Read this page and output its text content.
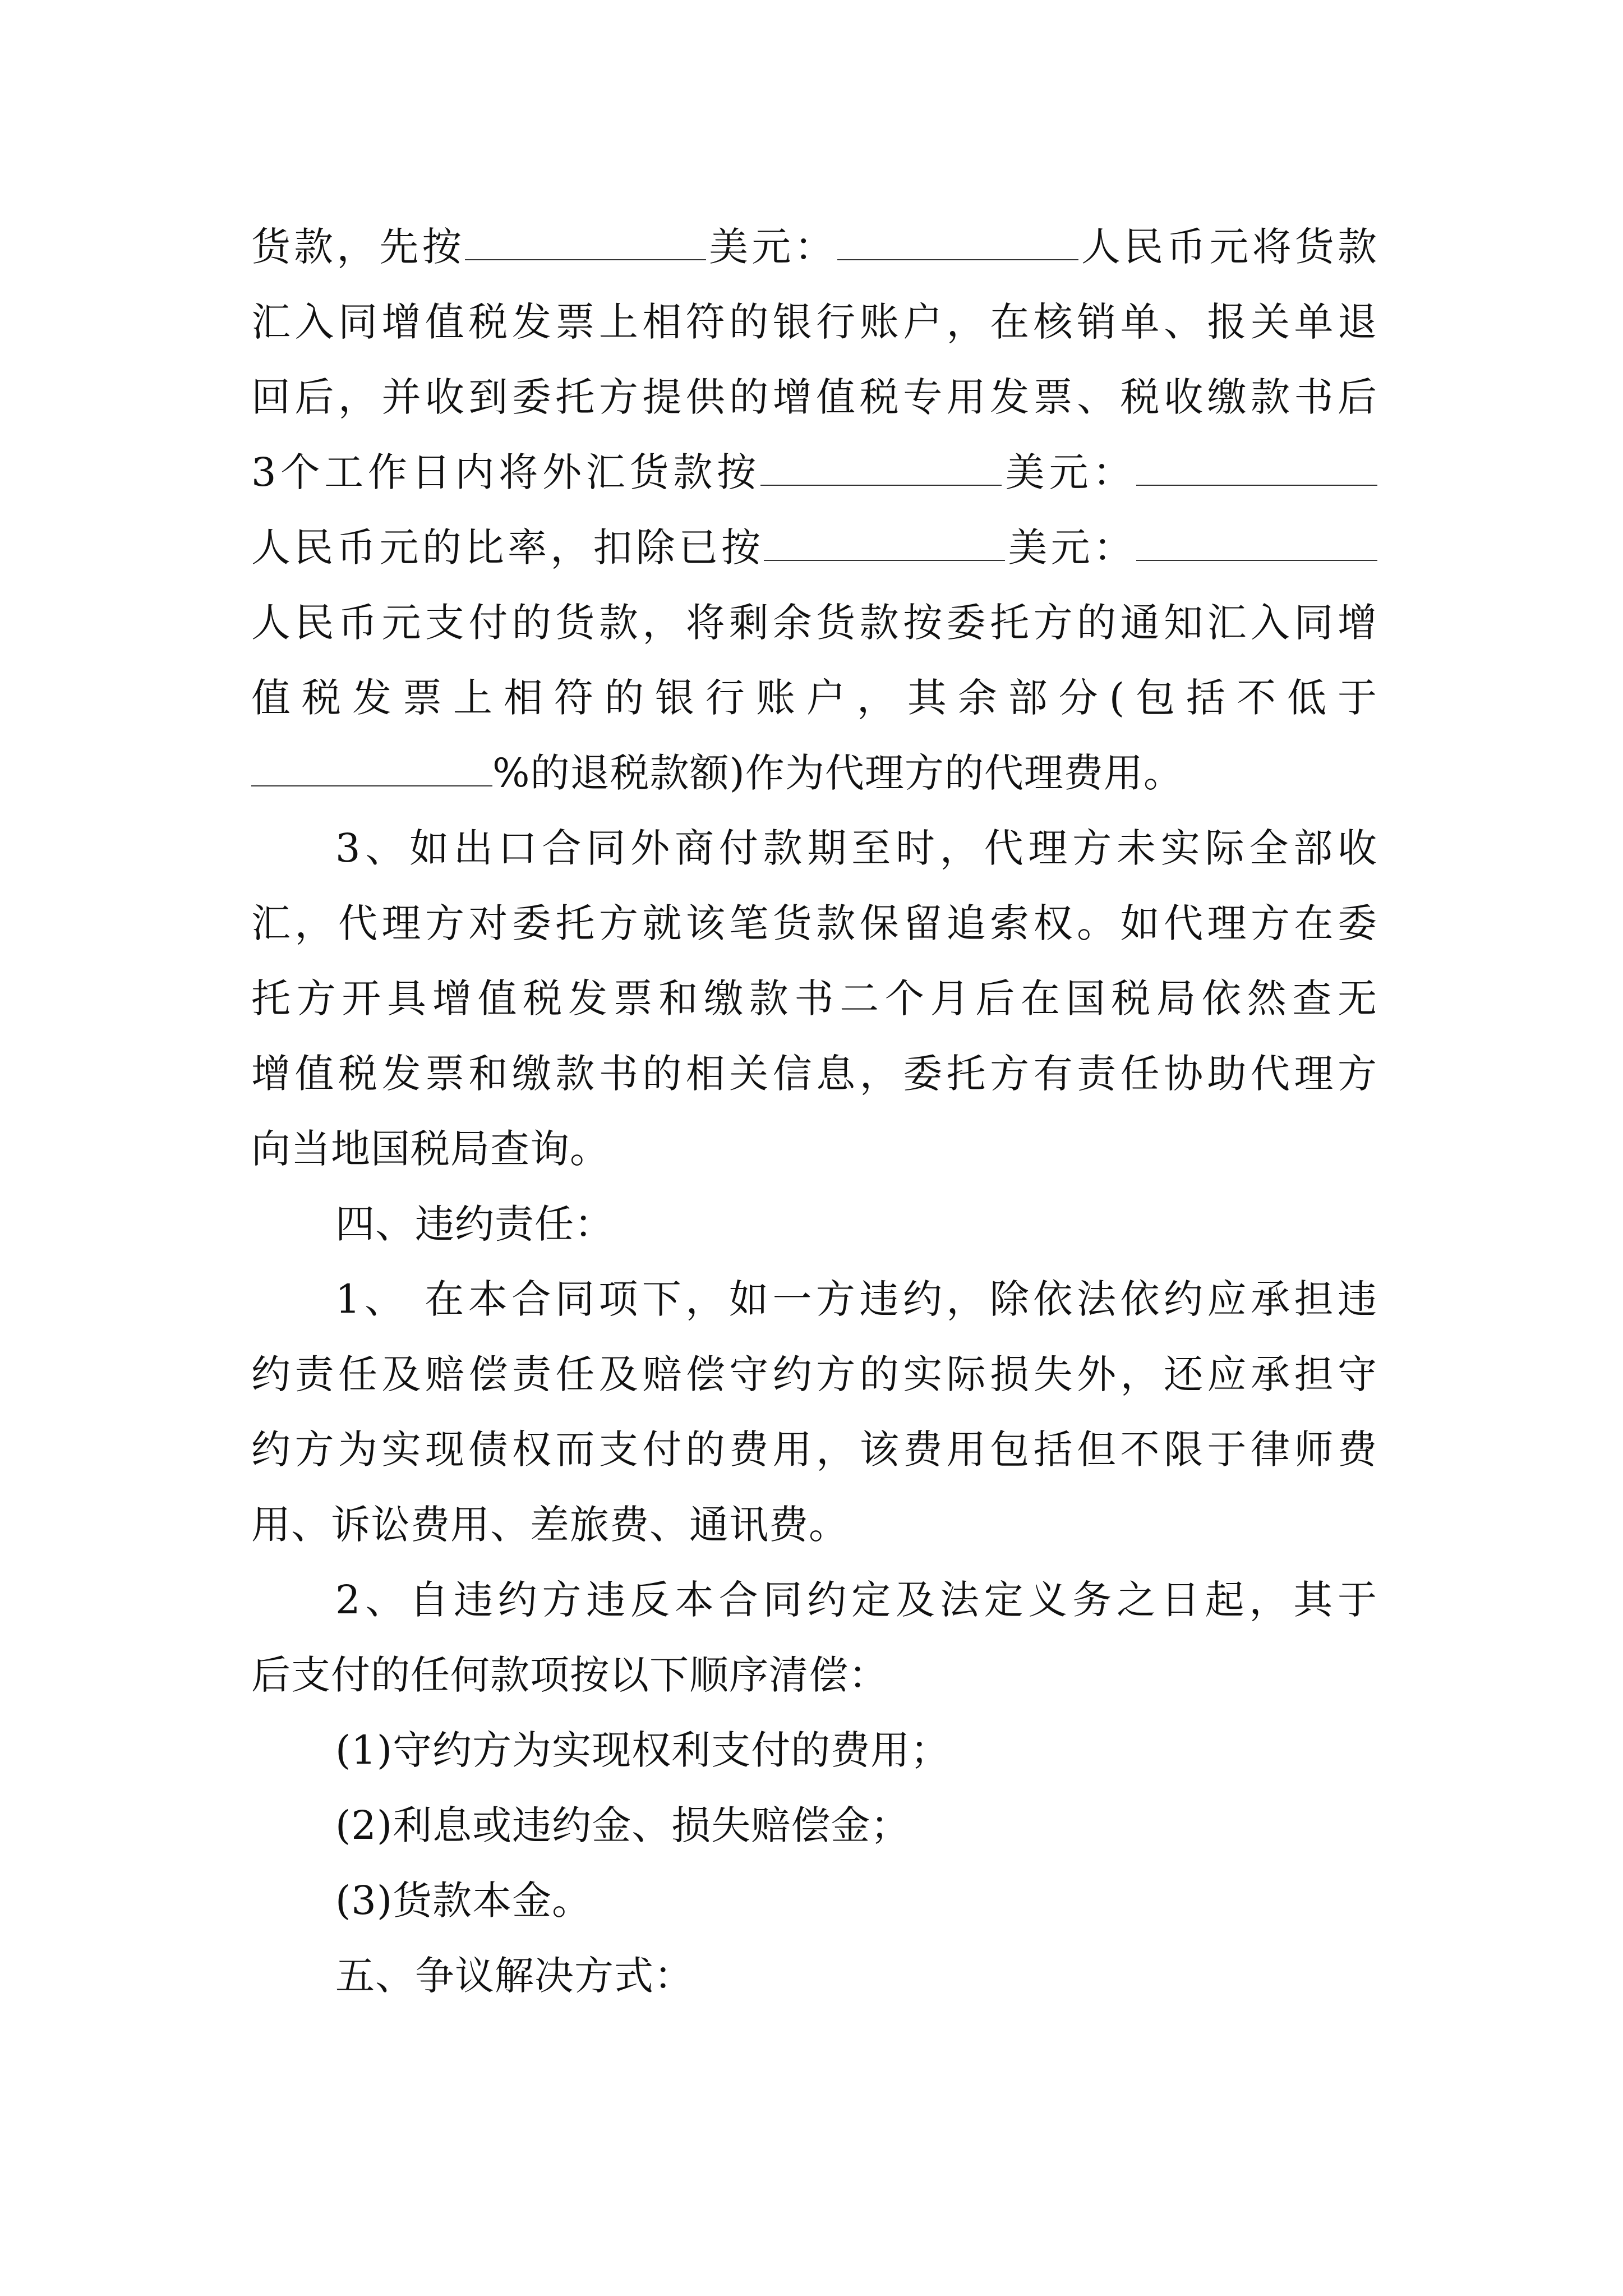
货款，先按	美元：	人民币元将货款
汇入同增值税发票上相符的银行账户，在核销单、报关单退
回后，并收到委托方提供的增值税专用发票、税收缴款书后
3个工作日内将外汇货款按	美元：
人民币元的比率，扣除已按	美元：
人民币元支付的货款，将剩余货款按委托方的通知汇入同增
值税发票上相符的银行账户，其余部分(包括不低于
%的退税款额)作为代理方的代理费用。
3、如出口合同外商付款期至时，代理方未实际全部收
汇，代理方对委托方就该笔货款保留追索权。如代理方在委
托方开具增值税发票和缴款书二个月后在国税局依然查无
增值税发票和缴款书的相关信息，委托方有责任协助代理方
向当地国税局查询。
四、违约责任：
1、 在本合同项下，如一方违约，除依法依约应承担违
约责任及赔偿责任及赔偿守约方的实际损失外，还应承担守
约方为实现债权而支付的费用，该费用包括但不限于律师费
用、诉讼费用、差旅费、通讯费。
2、自违约方违反本合同约定及法定义务之日起，其于
后支付的任何款项按以下顺序清偿：
(1)守约方为实现权利支付的费用；
(2)利息或违约金、损失赔偿金；
(3)货款本金。
五、争议解决方式：
